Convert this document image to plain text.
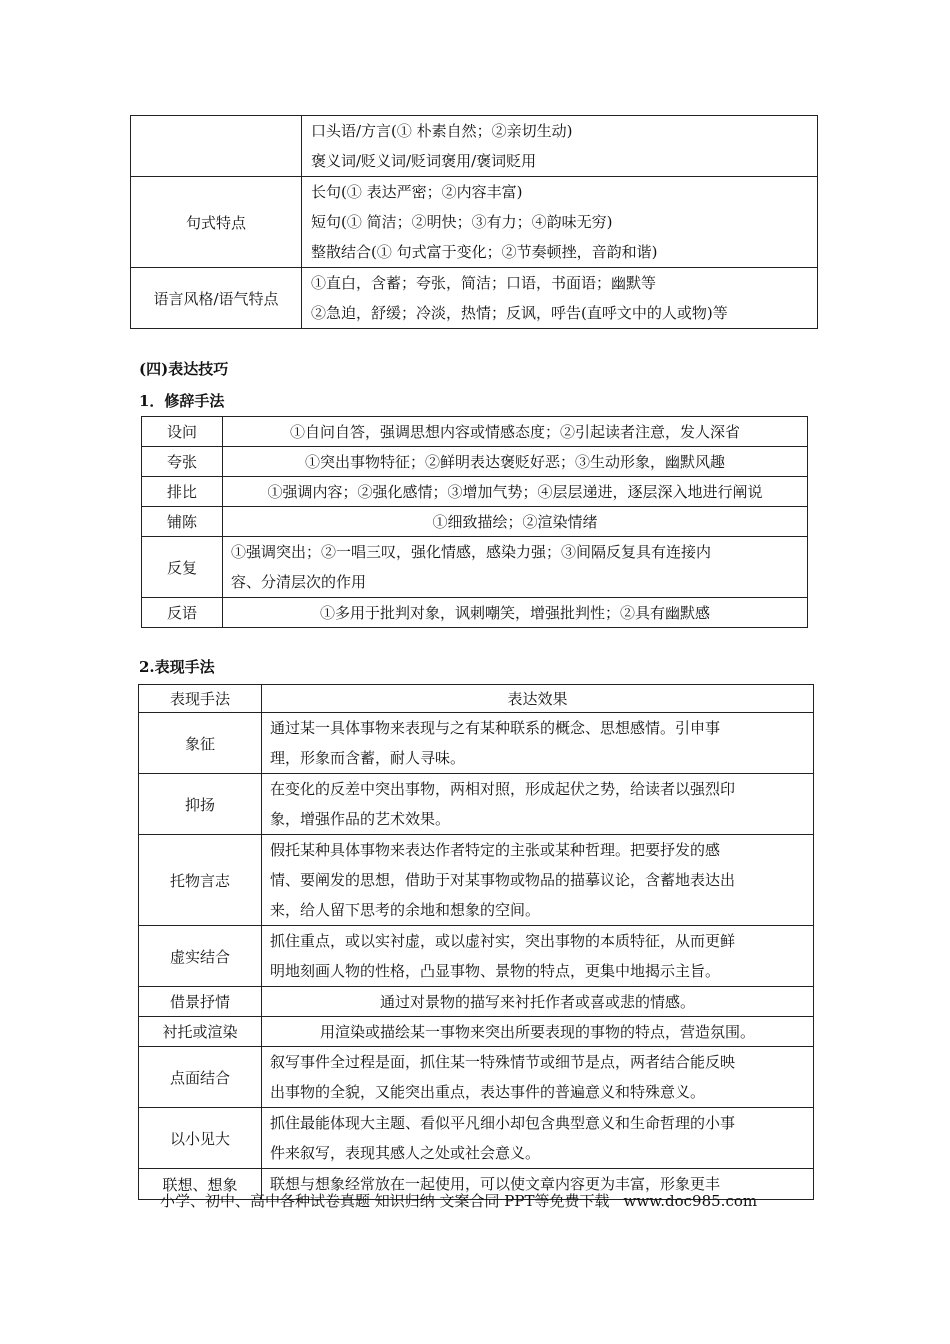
	口头语/方言(① 朴素自然；②亲切生动)
褒义词/贬义词/贬词褒用/褒词贬用

句式特点	长句(① 表达严密；②内容丰富)
短句(① 简洁；②明快；③有力；④韵味无穷)
整散结合(① 句式富于变化；②节奏顿挫，音韵和谐)

语言风格/语气特点	①直白，含蓄；夸张，简洁；口语，书面语；幽默等
②急迫，舒缓；冷淡，热情；反讽，呼告(直呼文中的人或物)等
(四)表达技巧
1．修辞手法
设问	①自问自答，强调思想内容或情感态度；②引起读者注意，发人深省
夸张	①突出事物特征；②鲜明表达褒贬好恶；③生动形象，幽默风趣
排比	①强调内容；②强化感情；③增加气势；④层层递进，逐层深入地进行阐说
铺陈	①细致描绘；②渲染情绪
反复	①强调突出；②一唱三叹，强化情感，感染力强；③间隔反复具有连接内
容、分清层次的作用

反语	①多用于批判对象，讽刺嘲笑，增强批判性；②具有幽默感
2.表现手法
表现手法	表达效果
象征	通过某一具体事物来表现与之有某种联系的概念、思想感情。引申事
理，形象而含蓄，耐人寻味。

抑扬	在变化的反差中突出事物，两相对照，形成起伏之势，给读者以强烈印
象，增强作品的艺术效果。

托物言志	假托某种具体事物来表达作者特定的主张或某种哲理。把要抒发的感
情、要阐发的思想，借助于对某事物或物品的描摹议论，含蓄地表达出
来，给人留下思考的余地和想象的空间。

虚实结合	抓住重点，或以实衬虚，或以虚衬实，突出事物的本质特征，从而更鲜
明地刻画人物的性格，凸显事物、景物的特点，更集中地揭示主旨。

借景抒情	通过对景物的描写来衬托作者或喜或悲的情感。
衬托或渲染	用渲染或描绘某一事物来突出所要表现的事物的特点，营造氛围。
点面结合	叙写事件全过程是面，抓住某一特殊情节或细节是点，两者结合能反映
出事物的全貌，又能突出重点，表达事件的普遍意义和特殊意义。

以小见大	抓住最能体现大主题、看似平凡细小却包含典型意义和生命哲理的小事
件来叙写，表现其感人之处或社会意义。

联想、想象	联想与想象经常放在一起使用，可以使文章内容更为丰富，形象更丰
小学、初中、高中各种试卷真题 知识归纳 文案合同 PPT等免费下载 www.doc985.com
